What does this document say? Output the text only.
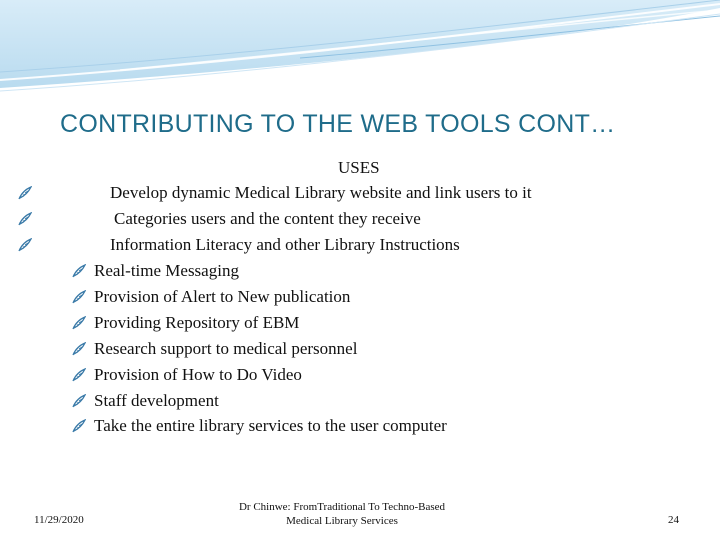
CONTRIBUTING TO THE WEB TOOLS CONT…
USES
Develop dynamic Medical Library website and link users to it
Categories users and the content they receive
Information Literacy and other Library Instructions
Real-time Messaging
Provision of Alert to New publication
Providing Repository of EBM
Research support to medical personnel
Provision of How to Do Video
Staff development
Take the entire library services to the user computer
11/29/2020
Dr Chinwe: FromTraditional To Techno-Based
Medical Library Services	24
